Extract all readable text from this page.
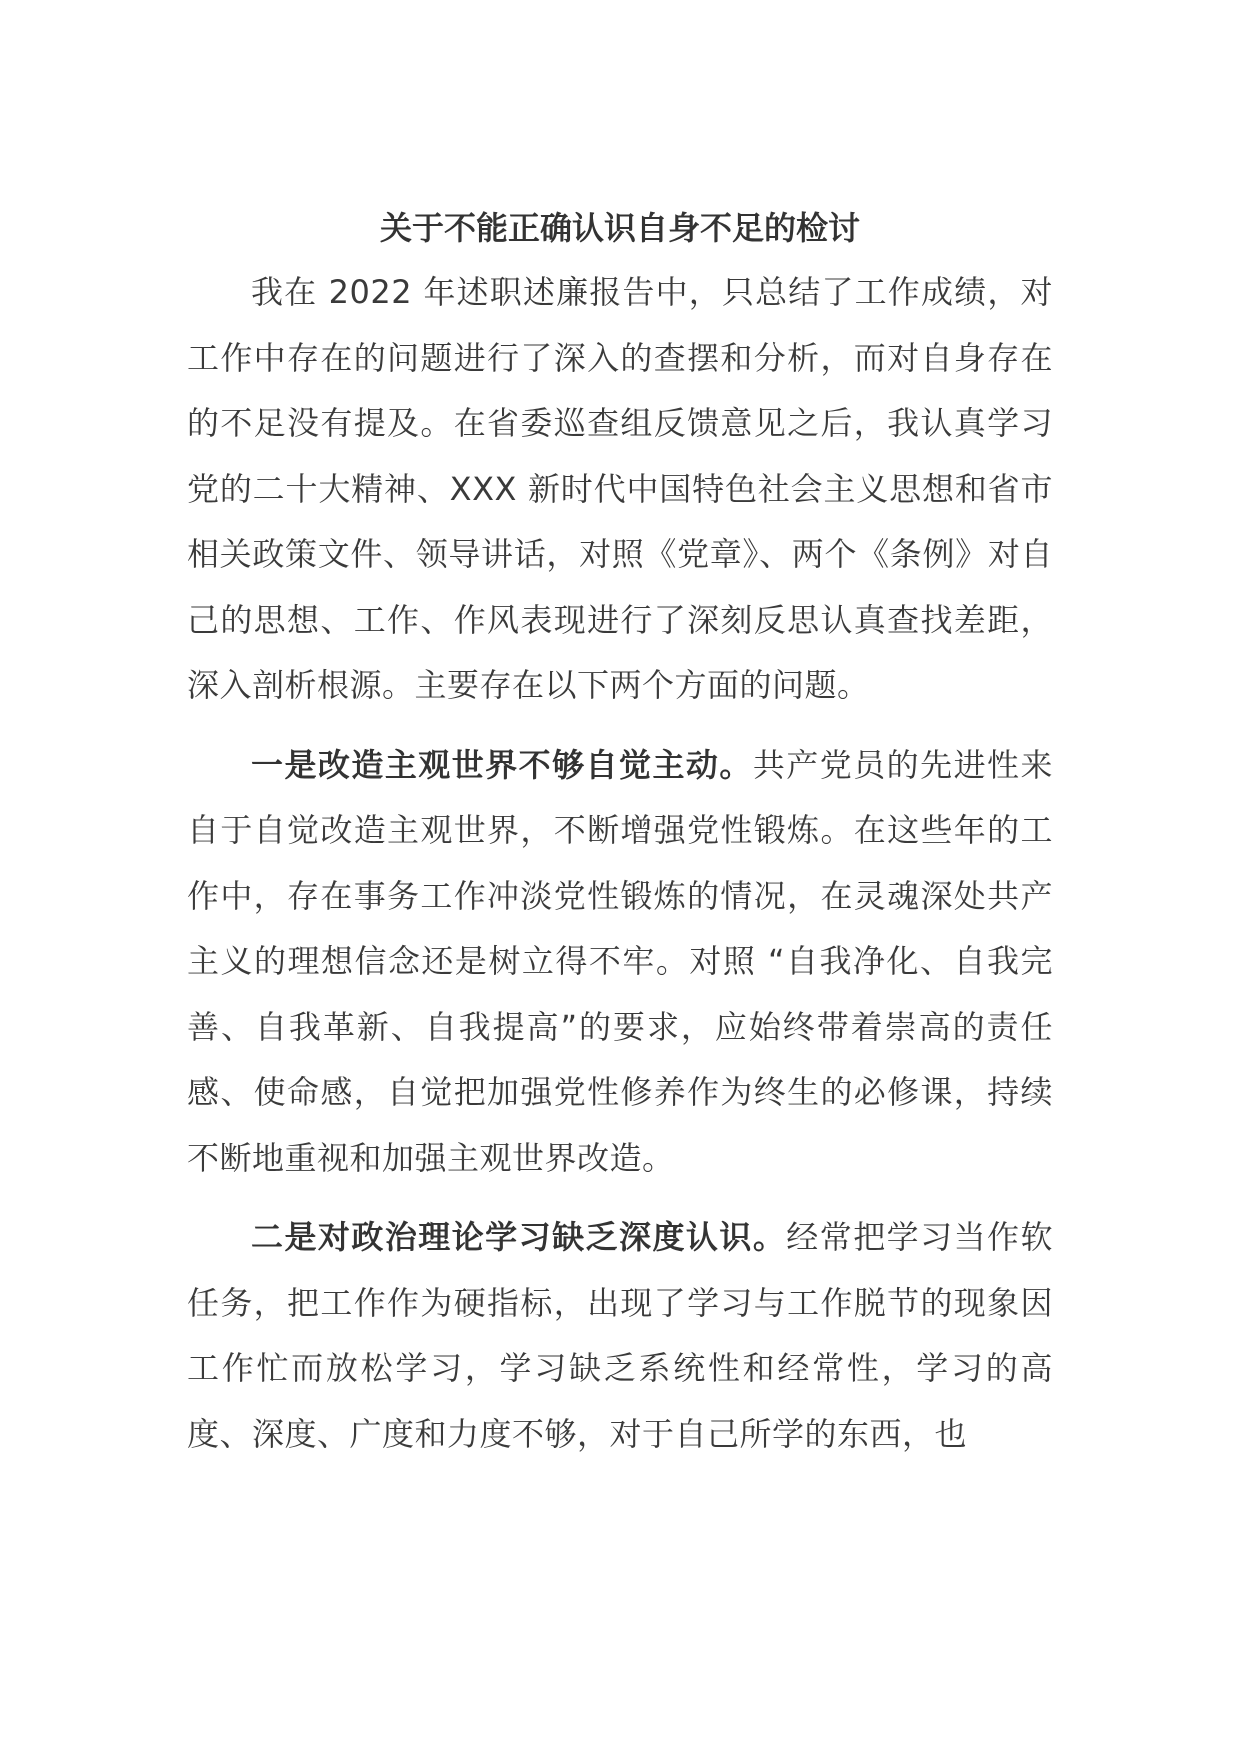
关于不能正确认识自身不足的检讨

我在 2022 年述职述廉报告中，只总结了工作成绩，对工作中存在的问题进行了深入的查摆和分析，而对自身存在的不足没有提及。在省委巡查组反馈意见之后，我认真学习党的二十大精神、XXX 新时代中国特色社会主义思想和省市相关政策文件、领导讲话，对照《党章》、两个《条例》对自己的思想、工作、作风表现进行了深刻反思认真查找差距，深入剖析根源。主要存在以下两个方面的问题。

一是改造主观世界不够自觉主动。共产党员的先进性来自于自觉改造主观世界，不断增强党性锻炼。在这些年的工作中，存在事务工作冲淡党性锻炼的情况，在灵魂深处共产主义的理想信念还是树立得不牢。对照 “自我净化、自我完善、自我革新、自我提高”的要求，应始终带着崇高的责任感、使命感，自觉把加强党性修养作为终生的必修课，持续不断地重视和加强主观世界改造。

二是对政治理论学习缺乏深度认识。经常把学习当作软任务，把工作作为硬指标，出现了学习与工作脱节的现象因工作忙而放松学习，学习缺乏系统性和经常性，学习的高度、深度、广度和力度不够，对于自己所学的东西，也
